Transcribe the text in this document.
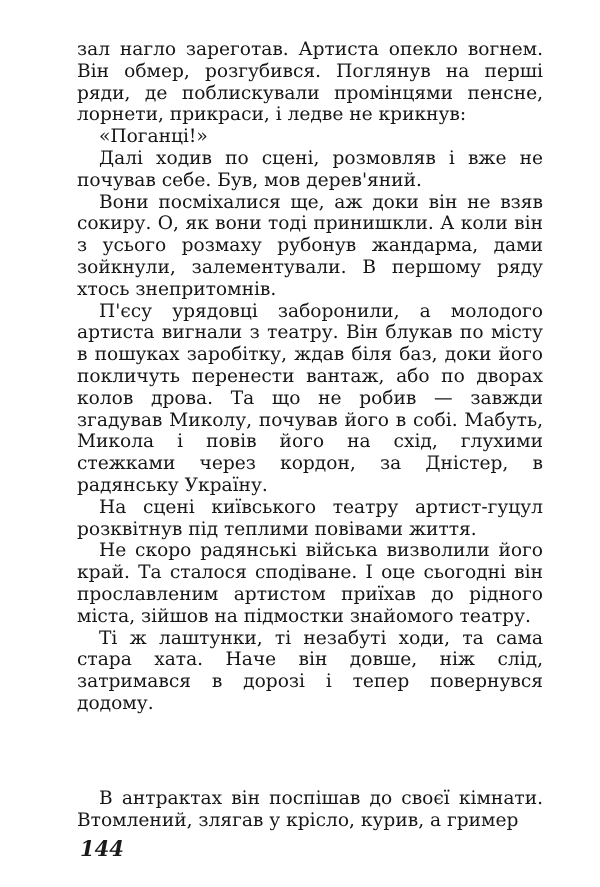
зал нагло зареготав. Артиста опекло вогнем. Він обмер, розгубився. Поглянув на перші ряди, де поблискували промінцями пенсне, лорнети, прикраси, і ледве не крикнув:

«Поганці!»

Далі ходив по сцені, розмовляв і вже не почував себе. Був, мов дерев'яний.

Вони посміхалися ще, аж доки він не взяв сокиру. О, як вони тоді принишкли. А коли він з усього розмаху рубонув жандарма, дами зойкнули, залементували. В першому ряду хтось знепритомнів.

П'єсу урядовці заборонили, а молодого артиста вигнали з театру. Він блукав по місту в пошуках заробітку, ждав біля баз, доки його покличуть перенести вантаж, або по дворах колов дрова. Та що не робив — завжди згадував Миколу, почував його в собі. Мабуть, Микола і повів його на схід, глухими стежками через кордон, за Дністер, в радянську Україну.

На сцені київського театру артист-гуцул розквітнув під теплими повівами життя.

Не скоро радянські війська визволили його край. Та сталося сподіване. І оце сьогодні він прославленим артистом приїхав до рідного міста, зійшов на підмостки знайомого театру.

Ті ж лаштунки, ті незабуті ходи, та сама стара хата. Наче він довше, ніж слід, затримався в дорозі і тепер повернувся додому.

В антрактах він поспішав до своєї кімнати. Втомлений, злягав у крісло, курив, а гример

144
